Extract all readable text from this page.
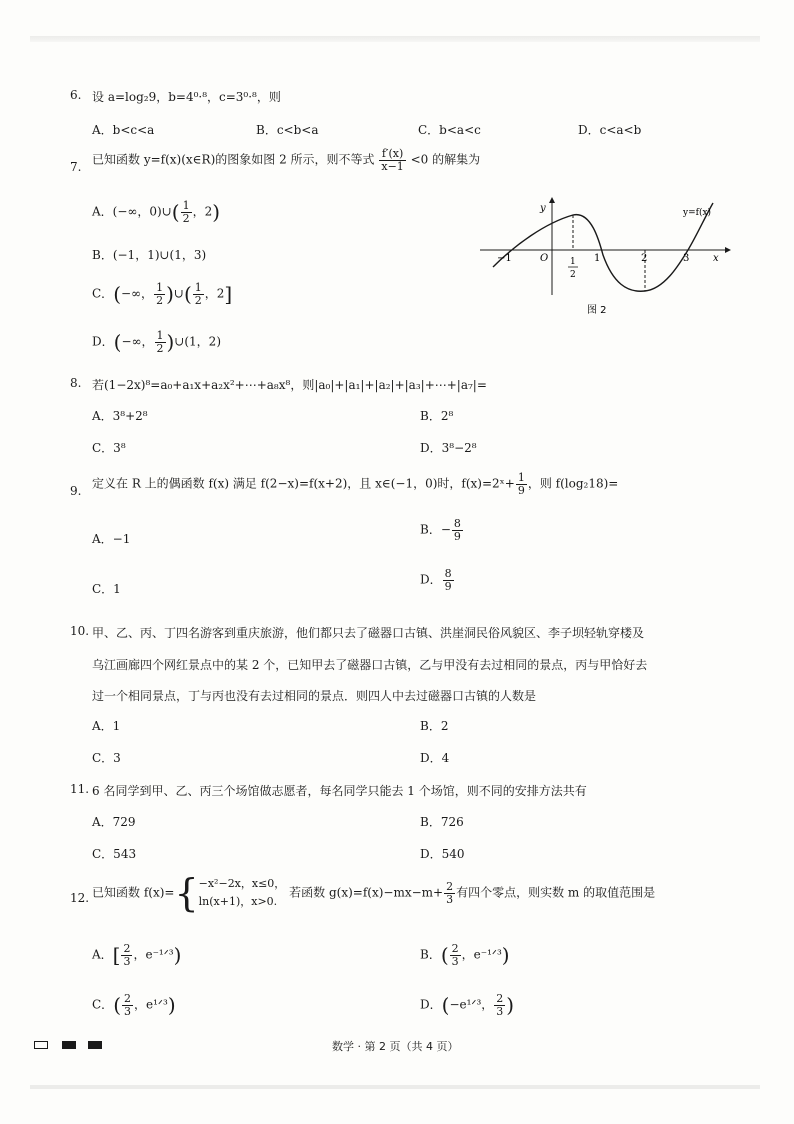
6. 设 a=log₂9，b=4⁰·⁸，c=3⁰·⁸，则
A．b<c<a	B．c<b<a	C．b<a<c	D．c<a<b
7.
已知函数 y=f(x)(x∈R)的图象如图 2 所示，则不等式 $\frac{f'(x)}{x-1} <0$ 的解集为
A．(−∞，0)∪( $\frac{1}{2}$ ，2)
B．(−1，1)∪(1，3)
C．(−∞， $\frac{1}{2}$ )∪( $\frac{1}{2}$ ，2]
D．(−∞， $\frac{1}{2}$ )∪(1，2)
y
x
y=f(x)
O
−1	1
2
1	2	3
图 2
8. 若(1−2x)⁸=a₀+a₁x+a₂x²+⋯+a₈x⁸，则|a₀|+|a₁|+|a₂|+|a₃|+⋯+|a₇|=
A．3⁸+2⁸	B．2⁸
C．3⁸	D．3⁸−2⁸
9.
定义在 R 上的偶函数 f(x) 满足 f(2−x)=f(x+2)，且 x∈(−1，0)时，f(x)=2ˣ+ $\frac{1}{9}$ ，则 f(log₂18)=
A．−1
B．− $\frac{8}{9}$
C．1
D． $\frac{8}{9}$
10. 甲、乙、丙、丁四名游客到重庆旅游，他们都只去了磁器口古镇、洪崖洞民俗风貌区、李子坝轻轨穿楼及
乌江画廊四个网红景点中的某 2 个，已知甲去了磁器口古镇，乙与甲没有去过相同的景点，丙与甲恰好去
过一个相同景点，丁与丙也没有去过相同的景点．则四人中去过磁器口古镇的人数是
A．1	B．2
C．3	D．4
11. 6 名同学到甲、乙、丙三个场馆做志愿者，每名同学只能去 1 个场馆，则不同的安排方法共有
A．729	B．726
C．543	D．540
12. 已知函数 f(x)={ −x²−2x，x≤0，
ln(x+1)，x>0.
若函数 $g(x)=f(x)-mx-m+ \frac{2}{3}$ 有四个零点，则实数 m 的取值范围是
A．[ $\frac{2}{3}$ ，e⁻¹ᐟ³)	B．( $\frac{2}{3}$ ，e⁻¹ᐟ³)
C．( $\frac{2}{3}$ ，e¹ᐟ³)	D．(−e¹ᐟ³， $\frac{2}{3}$ )
数学 · 第 2 页（共 4 页）
